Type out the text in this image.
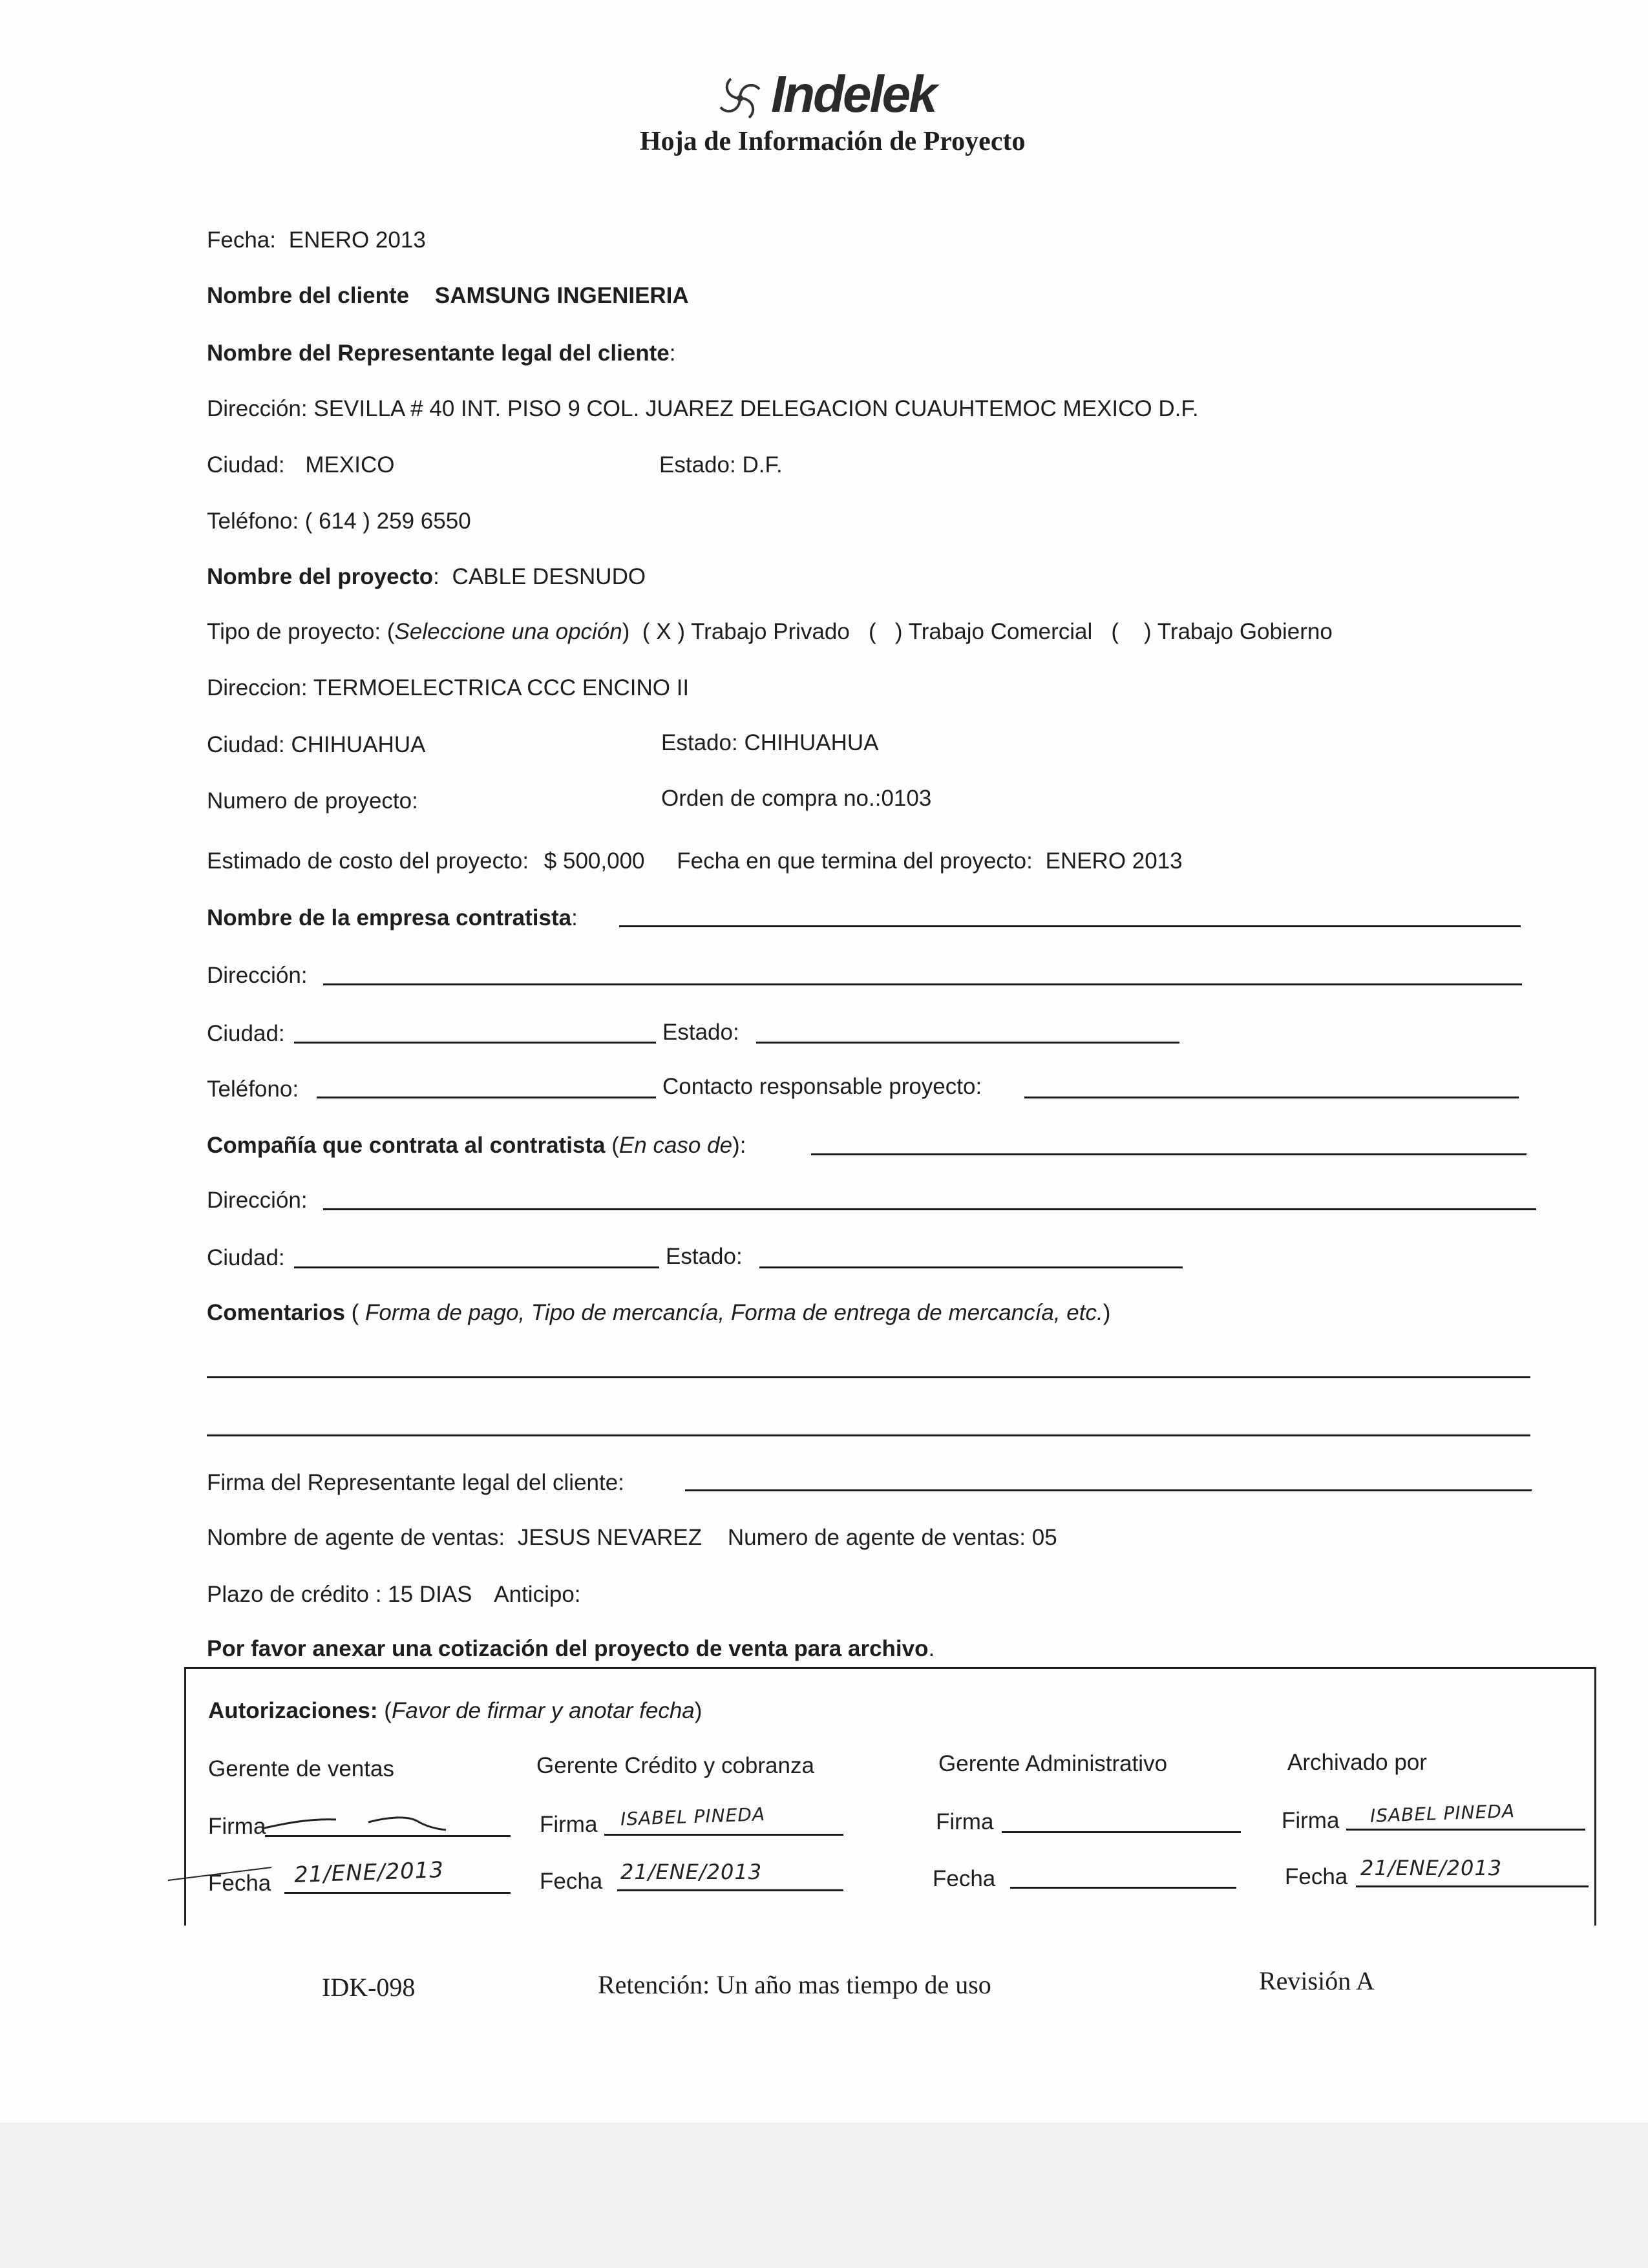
Indelek
Hoja de Información de Proyecto
Fecha: ENERO 2013
Nombre del cliente SAMSUNG INGENIERIA
Nombre del Representante legal del cliente:
Dirección: SEVILLA # 40 INT. PISO 9 COL. JUAREZ DELEGACION CUAUHTEMOC MEXICO D.F.
Ciudad: MEXICO	Estado: D.F.
Teléfono: ( 614 ) 259 6550
Nombre del proyecto: CABLE DESNUDO
Tipo de proyecto: (Seleccione una opción)  ( X ) Trabajo Privado   (   ) Trabajo Comercial   (    ) Trabajo Gobierno
Direccion: TERMOELECTRICA CCC ENCINO II
Ciudad: CHIHUAHUA	Estado: CHIHUAHUA
Numero de proyecto:	Orden de compra no.:0103
Estimado de costo del proyecto: $ 500,000 Fecha en que termina del proyecto: ENERO 2013
Nombre de la empresa contratista:
Dirección:
Ciudad:	Estado:
Teléfono:	Contacto responsable proyecto:
Compañía que contrata al contratista (En caso de):
Dirección:
Ciudad:	Estado:
Comentarios ( Forma de pago, Tipo de mercancía, Forma de entrega de mercancía, etc.)
Firma del Representante legal del cliente:
Nombre de agente de ventas: JESUS NEVAREZ Numero de agente de ventas: 05
Plazo de crédito : 15 DIAS Anticipo:
Por favor anexar una cotización del proyecto de venta para archivo.
Autorizaciones: (Favor de firmar y anotar fecha)
Gerente de ventas	Gerente Crédito y cobranza	Gerente Administrativo	Archivado por
Firma	Firma ISABEL PINEDA	Firma	Firma ISABEL PINEDA
Fecha 21/ENE/2013	Fecha 21/ENE/2013	Fecha	Fecha 21/ENE/2013
IDK-098	Retención: Un año mas tiempo de uso	Revisión A
